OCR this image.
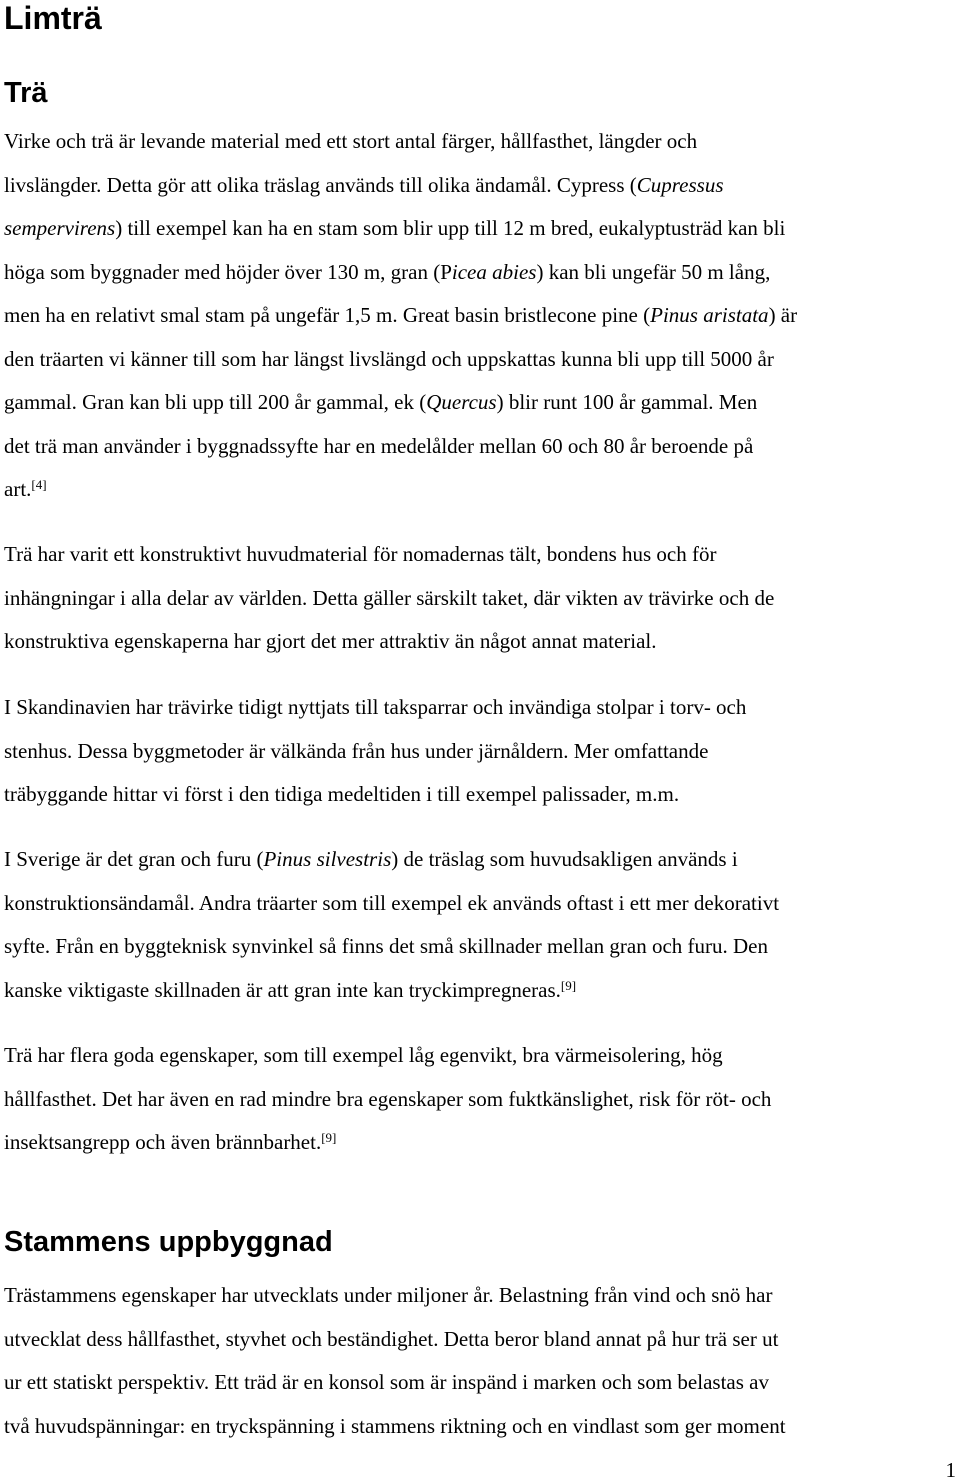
Limträ
Trä

Virke och trä är levande material med ett stort antal färger, hållfasthet, längder och
livslängder. Detta gör att olika träslag används till olika ändamål. Cypress (Cupressus
sempervirens) till exempel kan ha en stam som blir upp till 12 m bred, eukalyptusträd kan bli
höga som byggnader med höjder över 130 m, gran (Picea abies) kan bli ungefär 50 m lång,
men ha en relativt smal stam på ungefär 1,5 m. Great basin bristlecone pine (Pinus aristata) är
den träarten vi känner till som har längst livslängd och uppskattas kunna bli upp till 5000 år
gammal. Gran kan bli upp till 200 år gammal, ek (Quercus) blir runt 100 år gammal. Men
det trä man använder i byggnadssyfte har en medelålder mellan 60 och 80 år beroende på
art.[4]

Trä har varit ett konstruktivt huvudmaterial för nomadernas tält, bondens hus och för
inhängningar i alla delar av världen. Detta gäller särskilt taket, där vikten av trävirke och de
konstruktiva egenskaperna har gjort det mer attraktiv än något annat material.

I Skandinavien har trävirke tidigt nyttjats till taksparrar och invändiga stolpar i torv- och
stenhus. Dessa byggmetoder är välkända från hus under järnåldern. Mer omfattande
träbyggande hittar vi först i den tidiga medeltiden i till exempel palissader, m.m.

I Sverige är det gran och furu (Pinus silvestris) de träslag som huvudsakligen används i
konstruktionsändamål. Andra träarter som till exempel ek används oftast i ett mer dekorativt
syfte. Från en byggteknisk synvinkel så finns det små skillnader mellan gran och furu. Den
kanske viktigaste skillnaden är att gran inte kan tryckimpregneras.[9]

Trä har flera goda egenskaper, som till exempel låg egenvikt, bra värmeisolering, hög
hållfasthet. Det har även en rad mindre bra egenskaper som fuktkänslighet, risk för röt- och
insektsangrepp och även brännbarhet.[9]

Stammens uppbyggnad

Trästammens egenskaper har utvecklats under miljoner år. Belastning från vind och snö har
utvecklat dess hållfasthet, styvhet och beständighet. Detta beror bland annat på hur trä ser ut
ur ett statiskt perspektiv. Ett träd är en konsol som är inspänd i marken och som belastas av
två huvudspänningar: en tryckspänning i stammens riktning och en vindlast som ger moment

1
